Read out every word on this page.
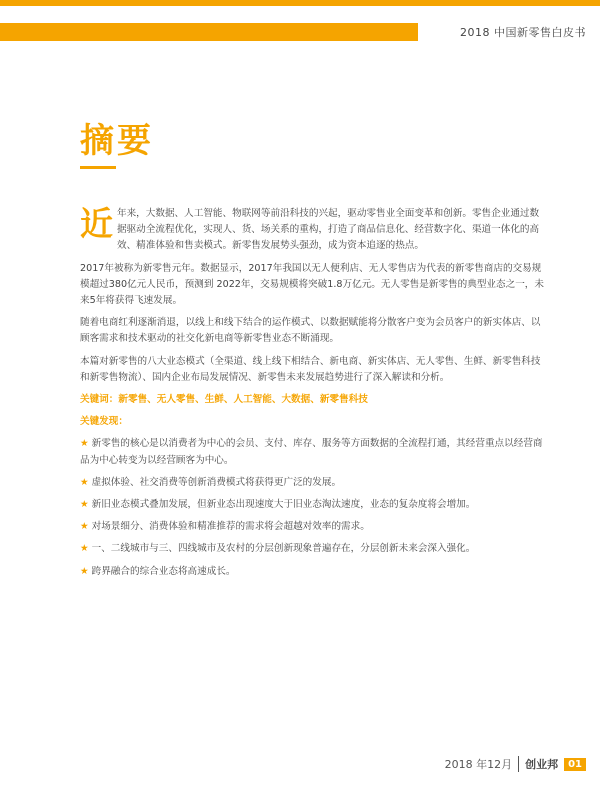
2018 中国新零售白皮书
摘要

近年来，大数据、人工智能、物联网等前沿科技的兴起，驱动零售业全面变革和创新。零售企业通过数据驱动全流程优化，实现人、货、场关系的重构，打造了商品信息化、经营数字化、渠道一体化的高效、精准体验和售卖模式。新零售发展势头强劲，成为资本追逐的热点。

2017年被称为新零售元年。数据显示，2017年我国以无人便利店、无人零售店为代表的新零售商店的交易规模超过380亿元人民币，预测到 2022年，交易规模将突破1.8万亿元。无人零售是新零售的典型业态之一，未来5年将获得飞速发展。

随着电商红利逐渐消退，以线上和线下结合的运作模式、以数据赋能将分散客户变为会员客户的新实体店、以顾客需求和技术驱动的社交化新电商等新零售业态不断涌现。

本篇对新零售的八大业态模式（全渠道、线上线下相结合、新电商、新实体店、无人零售、生鲜、新零售科技和新零售物流）、国内企业布局发展情况、新零售未来发展趋势进行了深入解读和分析。

关键词：新零售、无人零售、生鲜、人工智能、大数据、新零售科技

关键发现：

★ 新零售的核心是以消费者为中心的会员、支付、库存、服务等方面数据的全流程打通，其经营重点以经营商品为中心转变为以经营顾客为中心。

★ 虚拟体验、社交消费等创新消费模式将获得更广泛的发展。

★ 新旧业态模式叠加发展，但新业态出现速度大于旧业态淘汰速度，业态的复杂度将会增加。

★ 对场景细分、消费体验和精准推荐的需求将会超越对效率的需求。

★ 一、二线城市与三、四线城市及农村的分层创新现象普遍存在，分层创新未来会深入强化。

★ 跨界融合的综合业态将高速成长。

2018 年12月	创业邦	01
